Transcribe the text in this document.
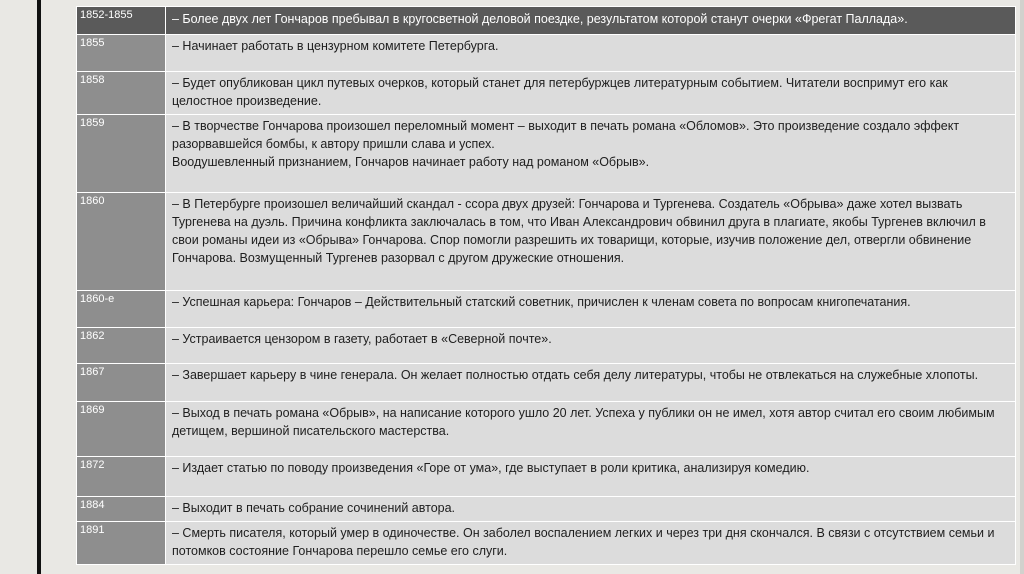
1852-1855	– Более двух лет Гончаров пребывал в кругосветной деловой поездке, результатом которой станут очерки «Фрегат Паллада».
1855	– Начинает работать в цензурном комитете Петербурга.
1858	– Будет опубликован цикл путевых очерков, который станет для петербуржцев литературным событием. Читатели воспримут его как целостное произведение.
1859	– В творчестве Гончарова произошел переломный момент – выходит в печать романа «Обломов». Это произведение создало эффект разорвавшейся бомбы, к автору пришли слава и успех.
Воодушевленный признанием, Гончаров начинает работу над романом «Обрыв».
1860	– В Петербурге произошел величайший скандал - ссора двух друзей: Гончарова и Тургенева. Создатель «Обрыва» даже хотел вызвать Тургенева на дуэль. Причина конфликта заключалась в том, что Иван Александрович обвинил друга в плагиате, якобы Тургенев включил в свои романы идеи из «Обрыва» Гончарова. Спор помогли разрешить их товарищи, которые, изучив положение дел, отвергли обвинение Гончарова. Возмущенный Тургенев разорвал с другом дружеские отношения.
1860-е	– Успешная карьера: Гончаров – Действительный статский советник, причислен к членам совета по вопросам книгопечатания.
1862	– Устраивается цензором в газету, работает в «Северной почте».
1867	– Завершает карьеру в чине генерала. Он желает полностью отдать себя делу литературы, чтобы не отвлекаться на служебные хлопоты.
1869	– Выход в печать романа «Обрыв», на написание которого ушло 20 лет. Успеха у публики он не имел, хотя автор считал его своим любимым детищем, вершиной писательского мастерства.
1872	– Издает статью по поводу произведения «Горе от ума», где выступает в роли критика, анализируя комедию.
1884	– Выходит в печать собрание сочинений автора.
1891	– Смерть писателя, который умер в одиночестве. Он заболел воспалением легких и через три дня скончался. В связи с отсутствием семьи и потомков состояние Гончарова перешло семье его слуги.
